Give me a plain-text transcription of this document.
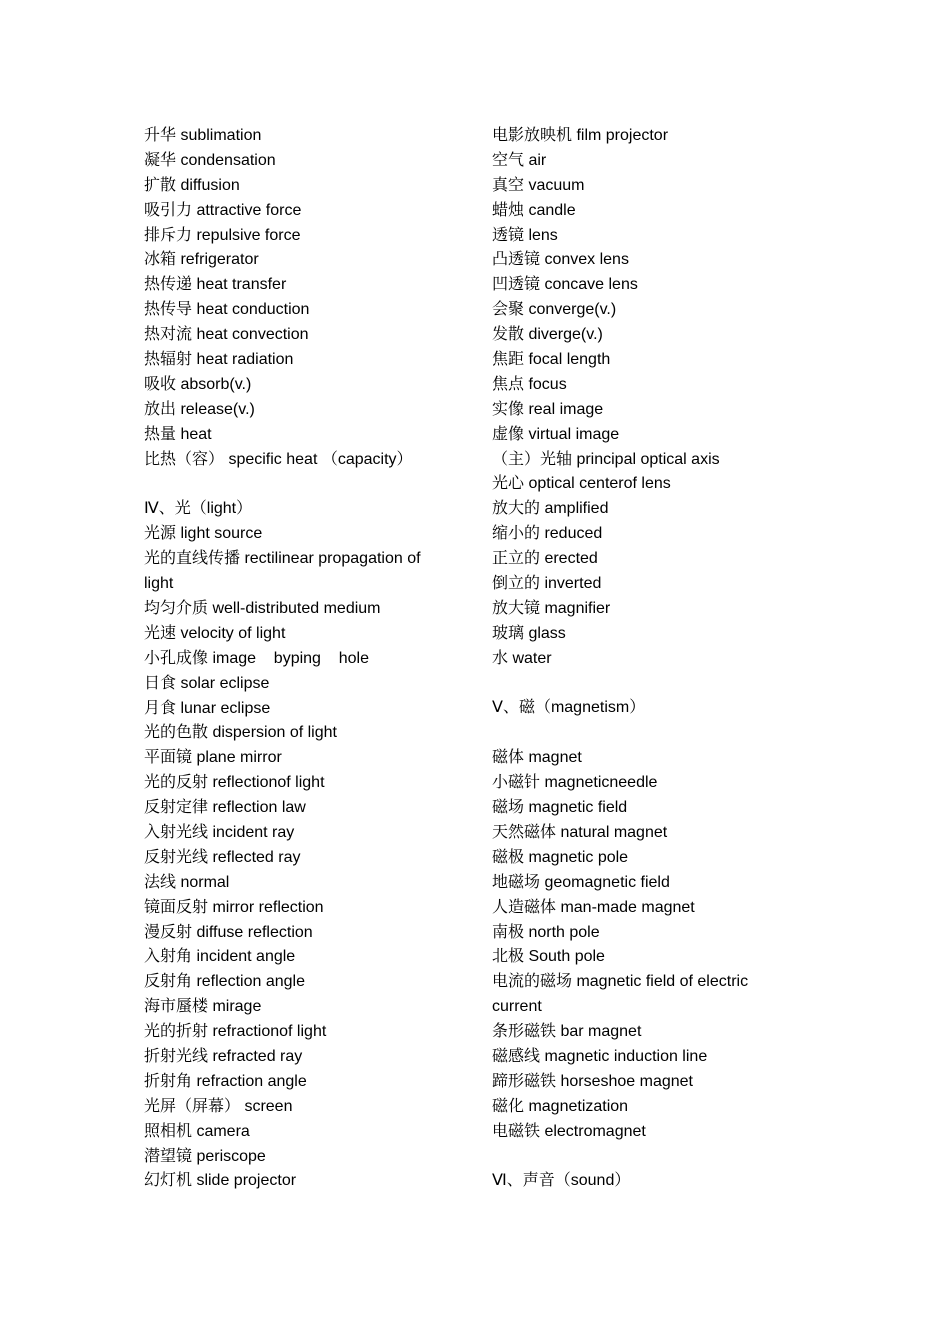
升华 sublimation
凝华 condensation
扩散 diffusion
吸引力 attractive force
排斥力 repulsive force
冰箱 refrigerator
热传递 heat transfer
热传导 heat conduction
热对流 heat convection
热辐射 heat radiation
吸收 absorb(v.)
放出 release(v.)
热量 heat
比热（容） specific heat （capacity）
Ⅳ、光（light）
光源 light source
光的直线传播 rectilinear propagation of light
均匀介质 well-distributed medium
光速 velocity of light
小孔成像 image    byping    hole
日食 solar eclipse
月食 lunar eclipse
光的色散 dispersion of light
平面镜 plane mirror
光的反射 reflectionof light
反射定律 reflection law
入射光线 incident ray
反射光线 reflected ray
法线 normal
镜面反射 mirror reflection
漫反射 diffuse reflection
入射角 incident angle
反射角 reflection angle
海市蜃楼 mirage
光的折射 refractionof light
折射光线 refracted ray
折射角 refraction angle
光屏（屏幕） screen
照相机 camera
潜望镜 periscope
幻灯机 slide projector
电影放映机 film projector
空气 air
真空 vacuum
蜡烛 candle
透镜 lens
凸透镜 convex lens
凹透镜 concave lens
会聚 converge(v.)
发散 diverge(v.)
焦距 focal length
焦点 focus
实像 real image
虚像 virtual image
（主）光轴 principal optical axis
光心 optical centerof lens
放大的 amplified
缩小的 reduced
正立的 erected
倒立的 inverted
放大镜 magnifier
玻璃 glass
水 water
Ⅴ、磁（magnetism）
磁体 magnet
小磁针 magneticneedle
磁场 magnetic field
天然磁体 natural magnet
磁极 magnetic pole
地磁场 geomagnetic field
人造磁体 man-made magnet
南极 north pole
北极 South pole
电流的磁场 magnetic field of electric current
条形磁铁 bar magnet
磁感线 magnetic induction line
蹄形磁铁 horseshoe magnet
磁化 magnetization
电磁铁 electromagnet
Ⅵ、声音（sound）
